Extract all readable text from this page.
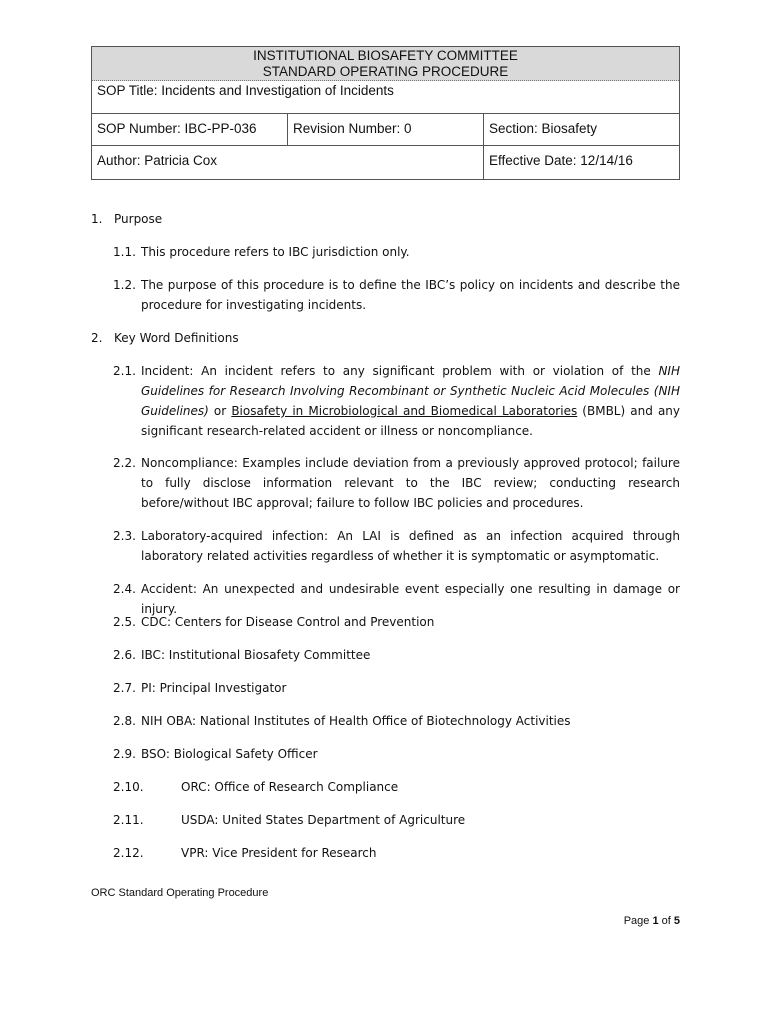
INSTITUTIONAL BIOSAFETY COMMITTEE
STANDARD OPERATING PROCEDURE
SOP Title: Incidents and Investigation of Incidents
SOP Number: IBC-PP-036	Revision Number: 0	Section: Biosafety
Author: Patricia Cox	Effective Date: 12/14/16
1. Purpose
1.1. This procedure refers to IBC jurisdiction only.
1.2. The purpose of this procedure is to define the IBC’s policy on incidents and describe the procedure for investigating incidents.
2. Key Word Definitions
2.1. Incident: An incident refers to any significant problem with or violation of the NIH Guidelines for Research Involving Recombinant or Synthetic Nucleic Acid Molecules (NIH Guidelines) or Biosafety in Microbiological and Biomedical Laboratories (BMBL) and any significant research-related accident or illness or noncompliance.
2.2. Noncompliance: Examples include deviation from a previously approved protocol; failure to fully disclose information relevant to the IBC review; conducting research before/without IBC approval; failure to follow IBC policies and procedures.
2.3. Laboratory-acquired infection: An LAI is defined as an infection acquired through laboratory related activities regardless of whether it is symptomatic or asymptomatic.
2.4. Accident: An unexpected and undesirable event especially one resulting in damage or injury.
2.5. CDC: Centers for Disease Control and Prevention
2.6. IBC: Institutional Biosafety Committee
2.7. PI: Principal Investigator
2.8. NIH OBA: National Institutes of Health Office of Biotechnology Activities
2.9. BSO: Biological Safety Officer
2.10.	ORC: Office of Research Compliance
2.11.	USDA: United States Department of Agriculture
2.12.	VPR: Vice President for Research
ORC Standard Operating Procedure
Page 1 of 5
